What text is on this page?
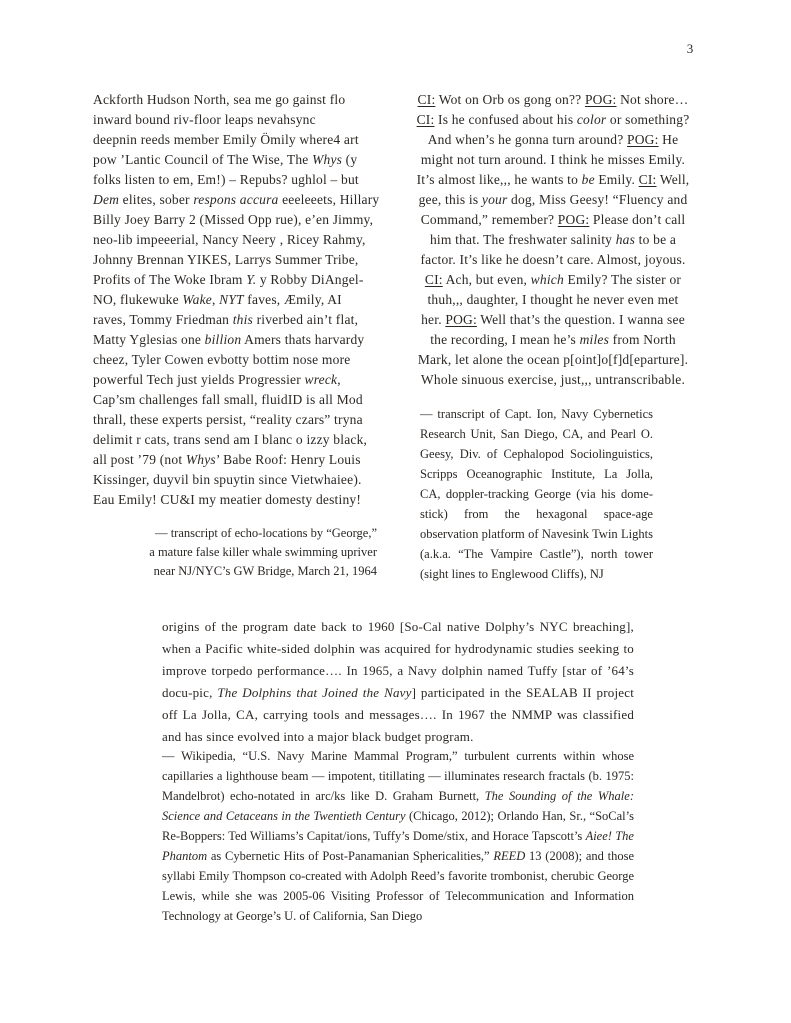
3
Ackforth Hudson North, sea me go gainst flo
inward bound riv-floor leaps nevahsync
deepnin reeds member Emily Ömily where4 art
pow ’Lantic Council of The Wise, The Whys (y
folks listen to em, Em!) – Repubs? ughlol – but
Dem elites, sober respons accura eeeleeets, Hillary
Billy Joey Barry 2 (Missed Opp rue), e’en Jimmy,
neo-lib impeeerial, Nancy Neery , Ricey Rahmy,
Johnny Brennan YIKES, Larrys Summer Tribe,
Profits of The Woke Ibram Y. y Robby DiAngel-
NO, flukewuke Wake, NYT faves, Æmily, AI
raves, Tommy Friedman this riverbed ain’t flat,
Matty Yglesias one billion Amers thats harvardy
cheez, Tyler Cowen evbotty bottim nose more
powerful Tech just yields Progressier wreck,
Cap’sm challenges fall small, fluidID is all Mod
thrall, these experts persist, “reality czars” tryna
delimit r cats, trans send am I blanc o izzy black,
all post ’79 (not Whys’ Babe Roof: Henry Louis
Kissinger, duyvil bin spuytin since Vietwhaiee).
Eau Emily! CU&I my meatier domesty destiny!
— transcript of echo-locations by “George,”
a mature false killer whale swimming upriver
near NJ/NYC’s GW Bridge, March 21, 1964
CI: Wot on Orb os gong on?? POG: Not shore…
CI: Is he confused about his color or something?
And when’s he gonna turn around? POG: He
might not turn around. I think he misses Emily.
It’s almost like,,, he wants to be Emily. CI: Well,
gee, this is your dog, Miss Geesy! “Fluency and
Command,” remember? POG: Please don’t call
him that. The freshwater salinity has to be a
factor. It’s like he doesn’t care. Almost, joyous.
CI: Ach, but even, which Emily? The sister or
thuh,,, daughter, I thought he never even met
her. POG: Well that’s the question. I wanna see
the recording, I mean he’s miles from North
Mark, let alone the ocean p[oint]o[f]d[eparture].
Whole sinuous exercise, just,,, untranscribable.
— transcript of Capt. Ion, Navy Cybernetics Research Unit, San Diego, CA, and Pearl O. Geesy, Div. of Cephalopod Sociolinguistics, Scripps Oceanographic Institute, La Jolla, CA, doppler-tracking George (via his dome-stick) from the hexagonal space-age observation platform of Navesink Twin Lights (a.k.a. “The Vampire Castle”), north tower (sight lines to Englewood Cliffs), NJ
origins of the program date back to 1960 [So-Cal native Dolphy’s NYC breaching], when a Pacific white-sided dolphin was acquired for hydrodynamic studies seeking to improve torpedo performance…. In 1965, a Navy dolphin named Tuffy [star of ’64’s docu-pic, The Dolphins that Joined the Navy] participated in the SEALAB II project off La Jolla, CA, carrying tools and messages…. In 1967 the NMMP was classified and has since evolved into a major black budget program.
— Wikipedia, “U.S. Navy Marine Mammal Program,” turbulent currents within whose capillaries a lighthouse beam — impotent, titillating — illuminates research fractals (b. 1975: Mandelbrot) echo-notated in arc/ks like D. Graham Burnett, The Sounding of the Whale: Science and Cetaceans in the Twentieth Century (Chicago, 2012); Orlando Han, Sr., “SoCal’s Re-Boppers: Ted Williams’s Capitat/ions, Tuffy’s Dome/stix, and Horace Tapscott’s Aiee! The Phantom as Cybernetic Hits of Post-Panamanian Sphericalities,” REED 13 (2008); and those syllabi Emily Thompson co-created with Adolph Reed’s favorite trombonist, cherubic George Lewis, while she was 2005-06 Visiting Professor of Telecommunication and Information Technology at George’s U. of California, San Diego
